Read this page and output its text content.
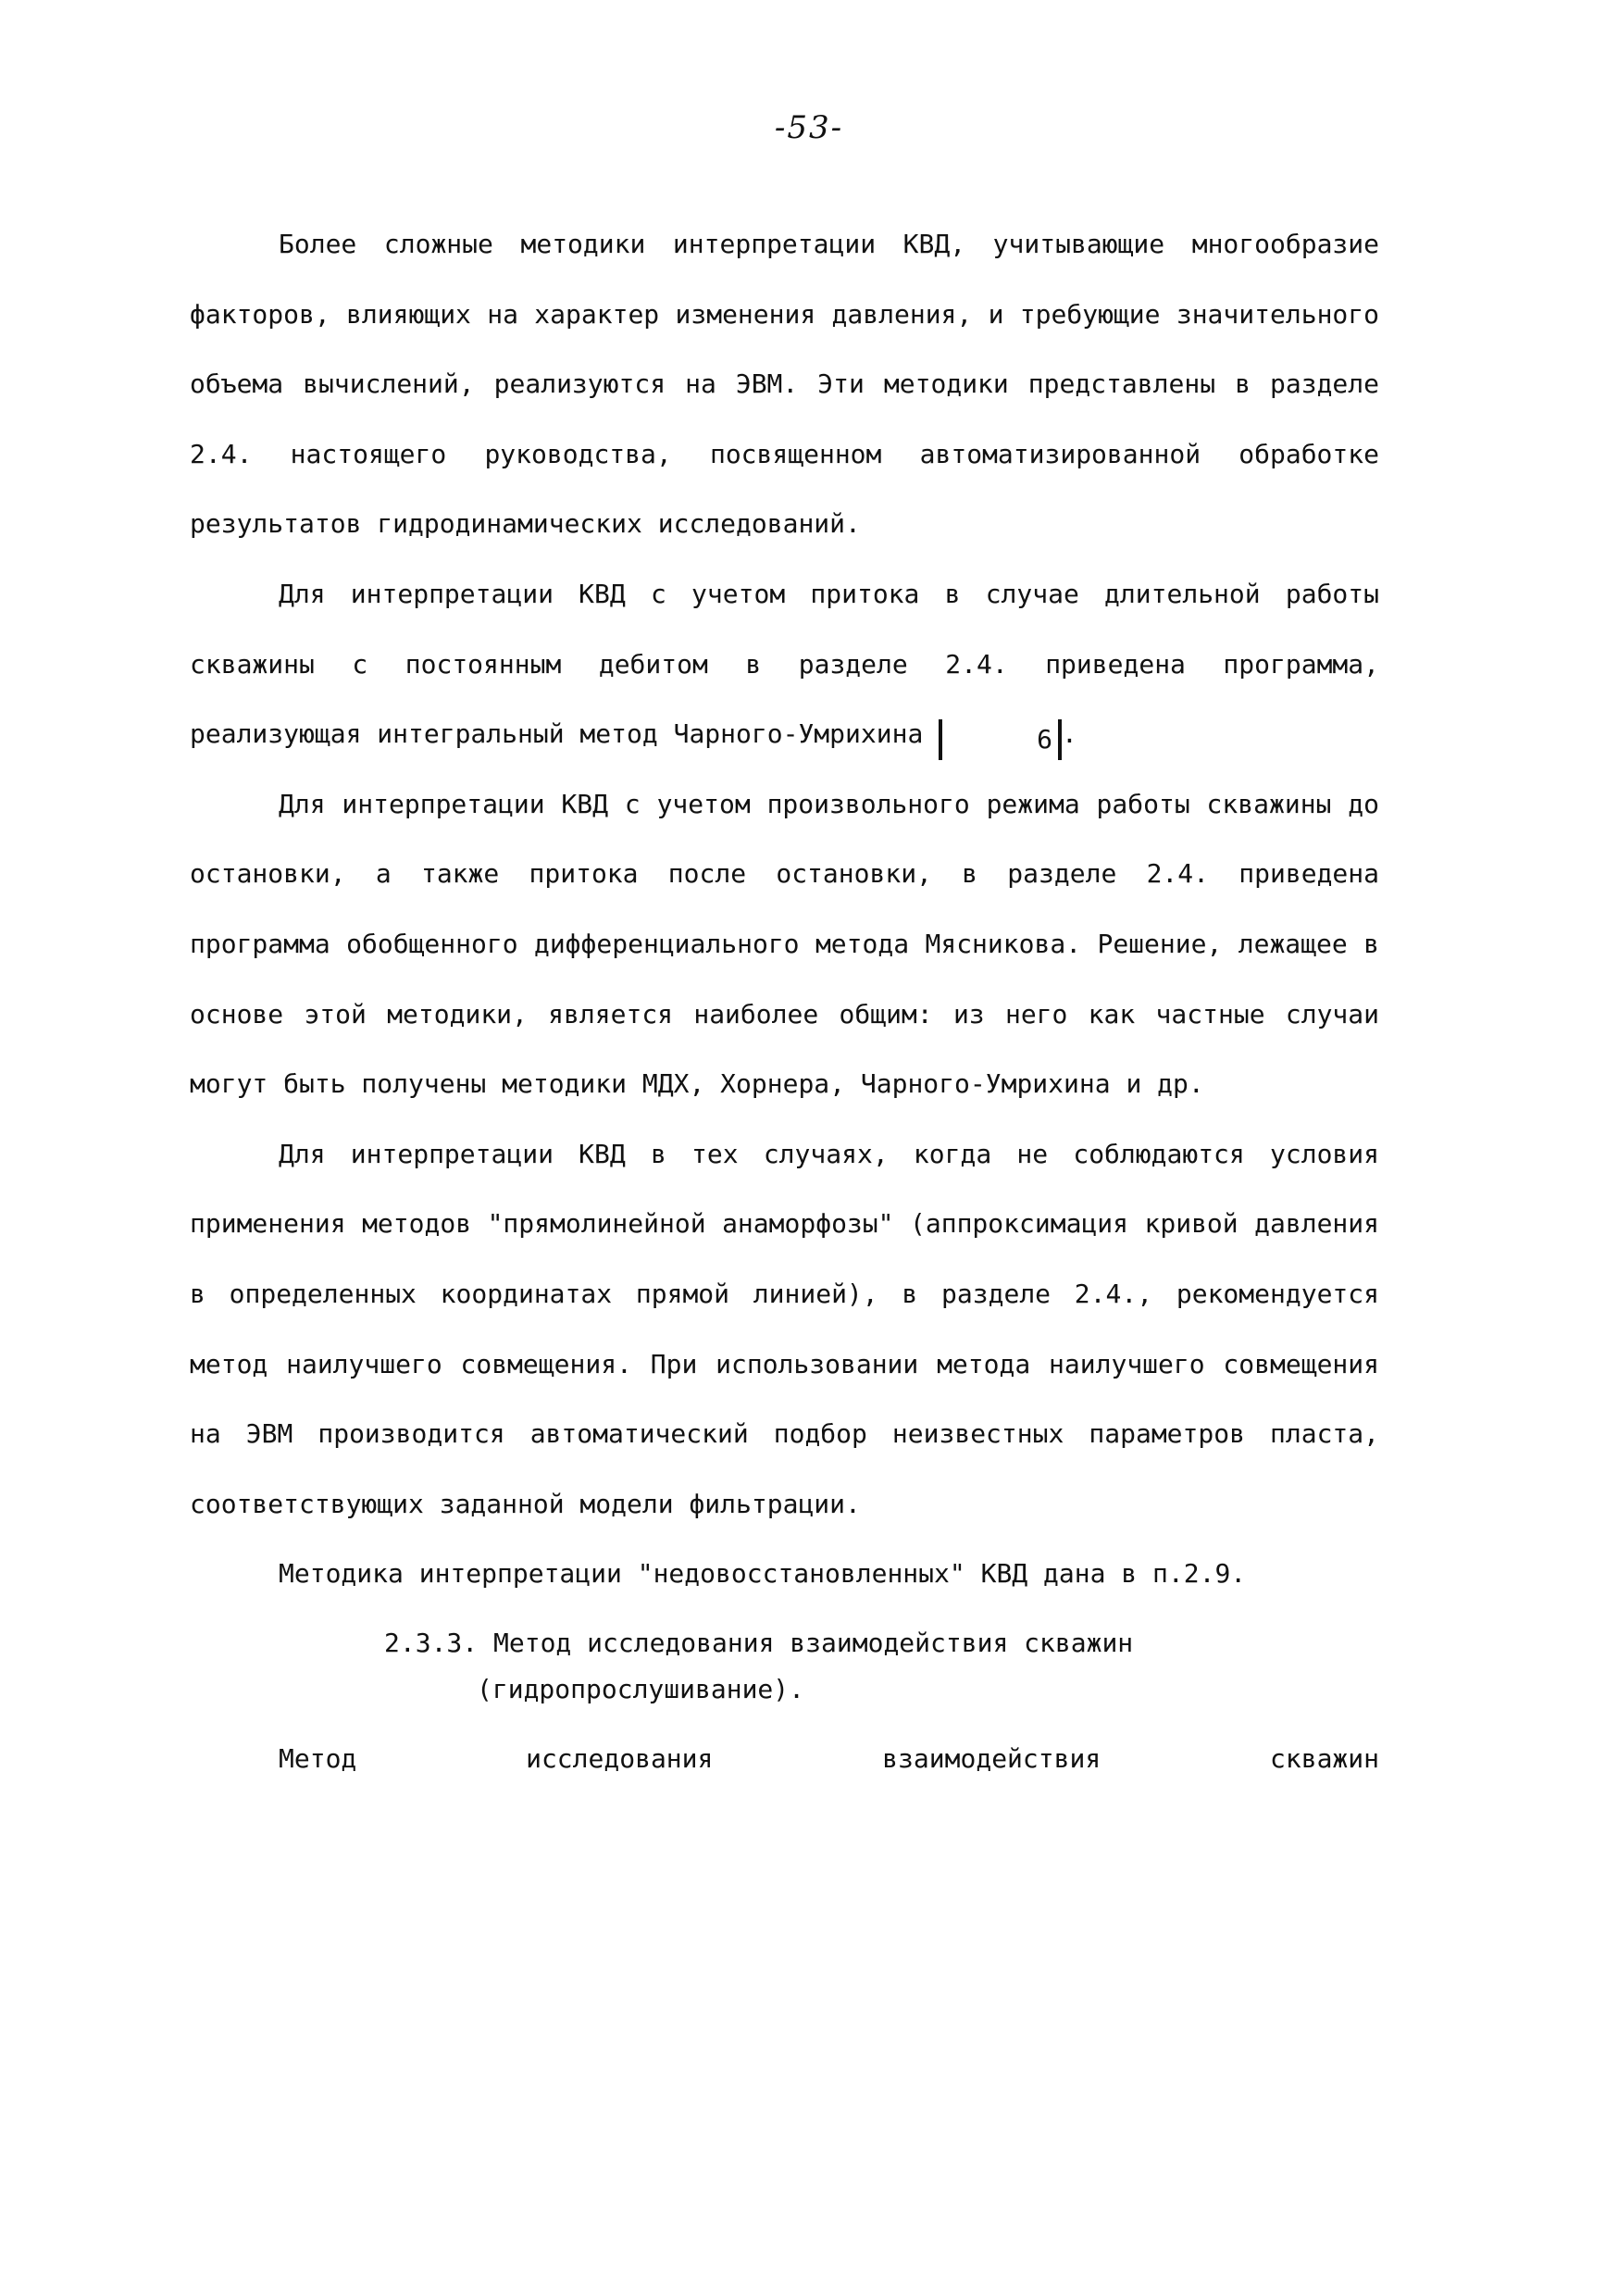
-53-

Более сложные методики интерпретации КВД, учитывающие многообразие факторов, влияющих на характер изменения давления, и требующие значительного объема вычислений, реализуются на ЭВМ. Эти методики представлены в разделе 2.4. настоящего руководства, посвященном автоматизированной обработке результатов гидродинамических исследований.

Для интерпретации КВД с учетом притока в случае длительной работы скважины с постоянным дебитом в разделе 2.4. приведена программа, реализующая интегральный метод Чарного-Умрихина	6 .

Для интерпретации КВД с учетом произвольного режима работы скважины до остановки, а также притока после остановки, в разделе 2.4. приведена программа обобщенного дифференциального метода Мясникова. Решение, лежащее в основе этой методики, является наиболее общим: из него как частные случаи могут быть получены методики МДХ, Хорнера, Чарного-Умрихина и др.

Для интерпретации КВД в тех случаях, когда не соблюдаются условия применения методов "прямолинейной анаморфозы" (аппроксимация кривой давления в определенных координатах прямой линией), в разделе 2.4., рекомендуется метод наилучшего совмещения. При использовании метода наилучшего совмещения на ЭВМ производится автоматический подбор неизвестных параметров пласта, соответствующих заданной модели фильтрации.

Методика интерпретации "недовосстановленных" КВД дана в п.2.9.

2.3.3. Метод исследования взаимодействия скважин
(гидропрослушивание).

Метод исследования взаимодействия скважин
